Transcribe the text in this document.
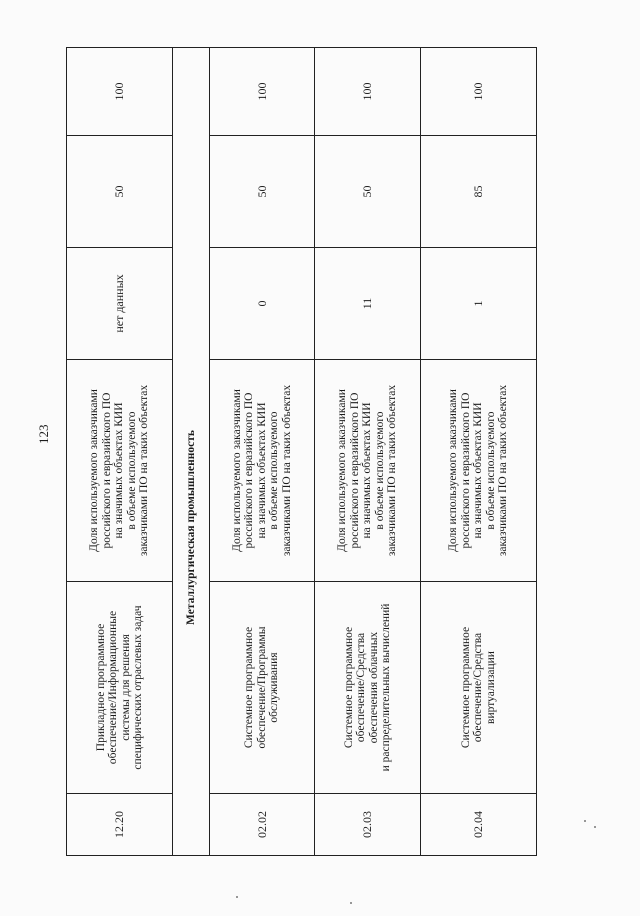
123
12.20	Прикладное программное
обеспечение/Информационные
системы для решения
специфических отраслевых задач	Доля используемого заказчиками
российского и евразийского ПО
на значимых объектах КИИ
в объеме используемого
заказчиками ПО на таких объектах	нет данных	50	100
Металлургическая промышленность					
02.02	Системное программное
обеспечение/Программы
обслуживания	Доля используемого заказчиками
российского и евразийского ПО
на значимых объектах КИИ
в объеме используемого
заказчиками ПО на таких объектах	0	50	100
02.03	Системное программное
обеспечение/Средства
обеспечения облачных
и распределительных вычислений	Доля используемого заказчиками
российского и евразийского ПО
на значимых объектах КИИ
в объеме используемого
заказчиками ПО на таких объектах	11	50	100
02.04	Системное программное
обеспечение/Средства
виртуализации	Доля используемого заказчиками
российского и евразийского ПО
на значимых объектах КИИ
в объеме используемого
заказчиками ПО на таких объектах	1	85	100
